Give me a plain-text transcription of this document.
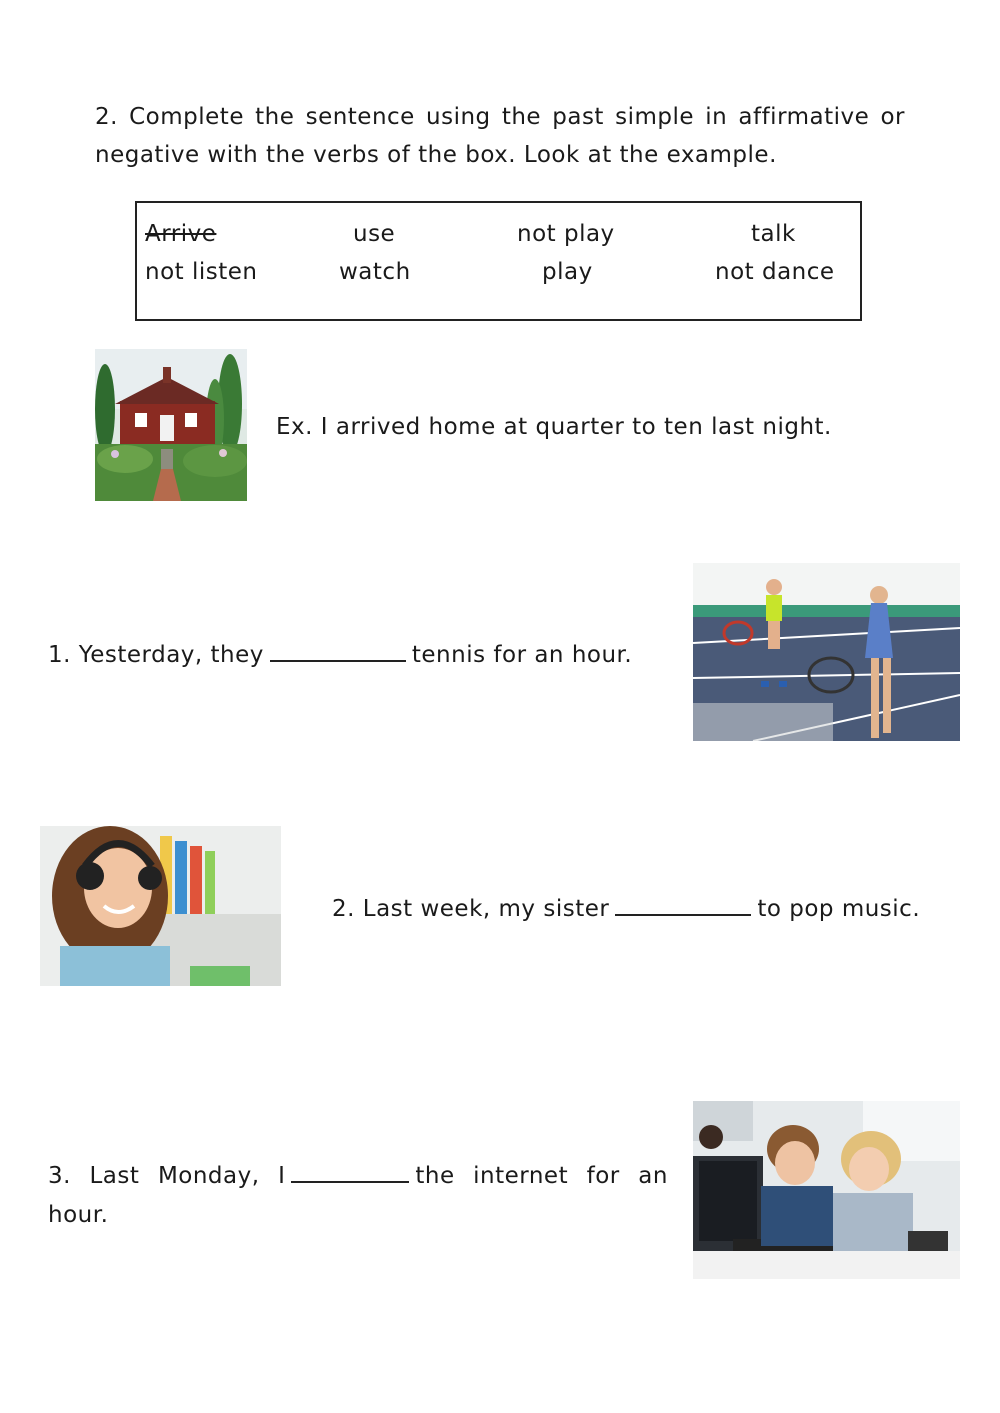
2. Complete the sentence using the past simple in affirmative or negative with the verbs of the box. Look at the example.
Arrive	use	not play	talk
not listen	watch	play	not dance
Ex. I arrived home at quarter to ten last night.
1. Yesterday, they	tennis for an hour.
2. Last week, my sister	to pop music.
3. Last Monday, I	the internet for an hour.
